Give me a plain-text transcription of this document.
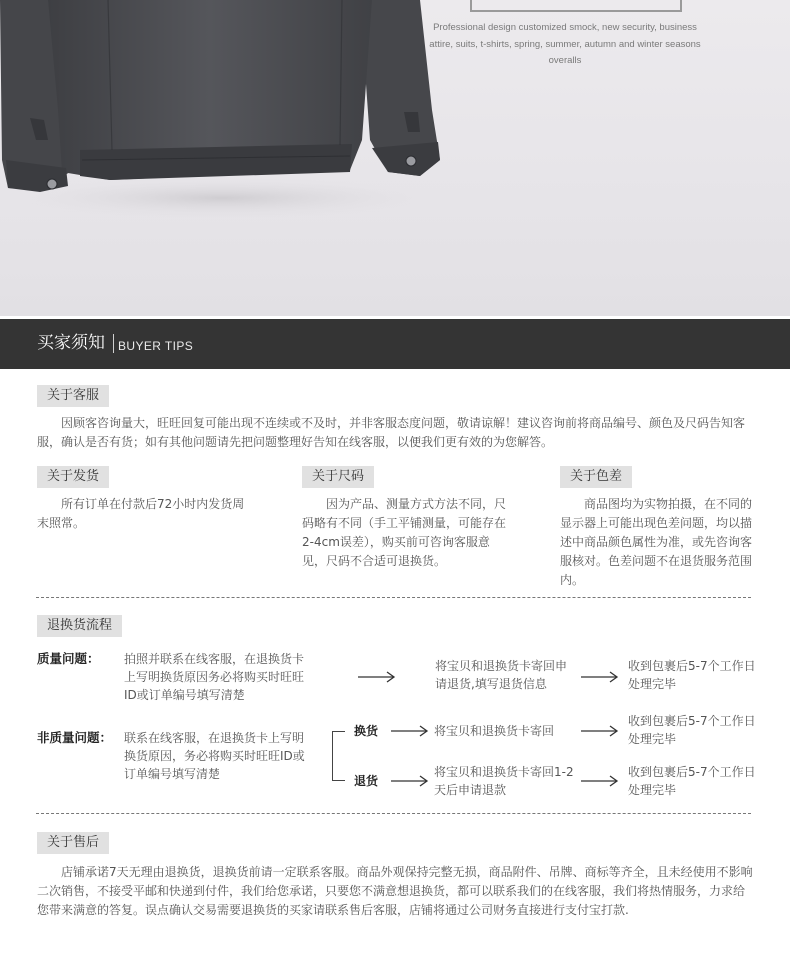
Professional design customized smock, new security, business attire, suits, t-shirts, spring, summer, autumn and winter seasons overalls
买家须知 BUYER TIPS
关于客服
因顾客咨询量大，旺旺回复可能出现不连续或不及时，并非客服态度问题，敬请谅解！建议咨询前将商品编号、颜色及尺码告知客服，确认是否有货；如有其他问题请先把问题整理好告知在线客服，以便我们更有效的为您解答。
关于发货
所有订单在付款后72小时内发货周末照常。
关于尺码
因为产品、测量方式方法不同，尺码略有不同（手工平铺测量，可能存在2-4cm误差），购买前可咨询客服意见，尺码不合适可退换货。
关于色差
商品图均为实物拍摄，在不同的显示器上可能出现色差问题，均以描述中商品颜色属性为准，或先咨询客服核对。色差问题不在退货服务范围内。
退换货流程
质量问题： 拍照并联系在线客服，在退换货卡上写明换货原因务必将购买时旺旺ID或订单编号填写清楚
将宝贝和退换货卡寄回申请退货,填写退货信息
收到包裹后5-7个工作日处理完毕
非质量问题： 联系在线客服，在退换货卡上写明换货原因，务必将购买时旺旺ID或订单编号填写清楚
换货	将宝贝和退换货卡寄回
收到包裹后5-7个工作日处理完毕
退货
将宝贝和退换货卡寄回1-2天后申请退款
收到包裹后5-7个工作日处理完毕
关于售后
店铺承诺7天无理由退换货，退换货前请一定联系客服。商品外观保持完整无损，商品附件、吊牌、商标等齐全，且未经使用不影响二次销售，不接受平邮和快递到付件，我们给您承诺，只要您不满意想退换货，都可以联系我们的在线客服，我们将热情服务，力求给您带来满意的答复。误点确认交易需要退换货的买家请联系售后客服，店铺将通过公司财务直接进行支付宝打款.
